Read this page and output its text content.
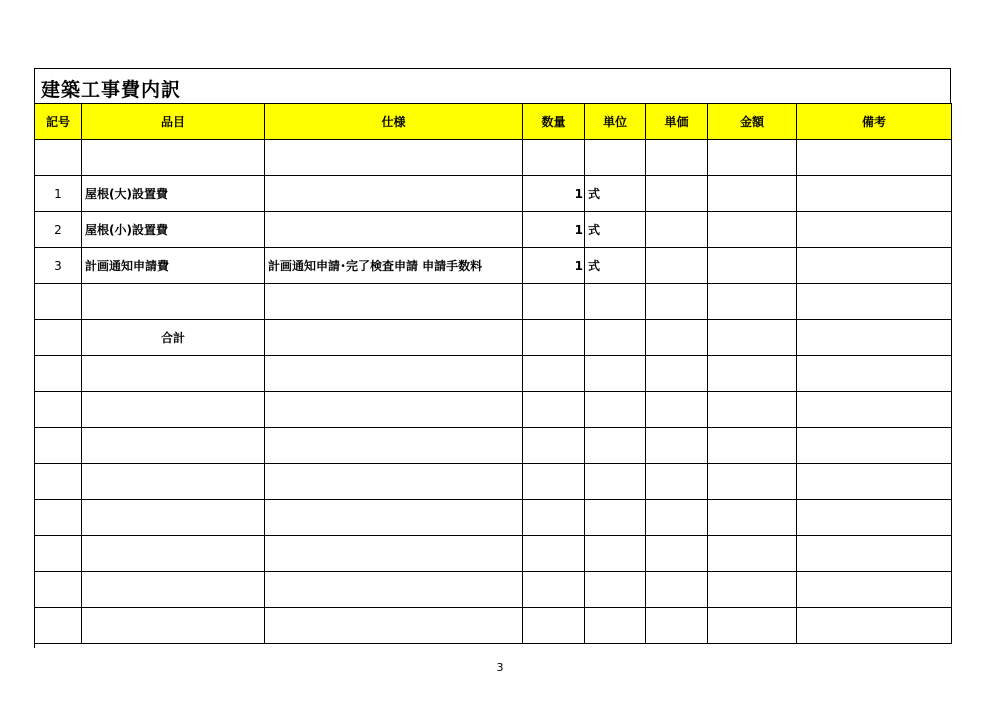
建築工事費内訳
記号	品目	仕様	数量	単位	単価	金額	備考

1	屋根(大)設置費		1	式			
2	屋根(小)設置費		1	式			
3	計画通知申請費	計画通知申請･完了検査申請 申請手数料	1	式			

	合計						

3
